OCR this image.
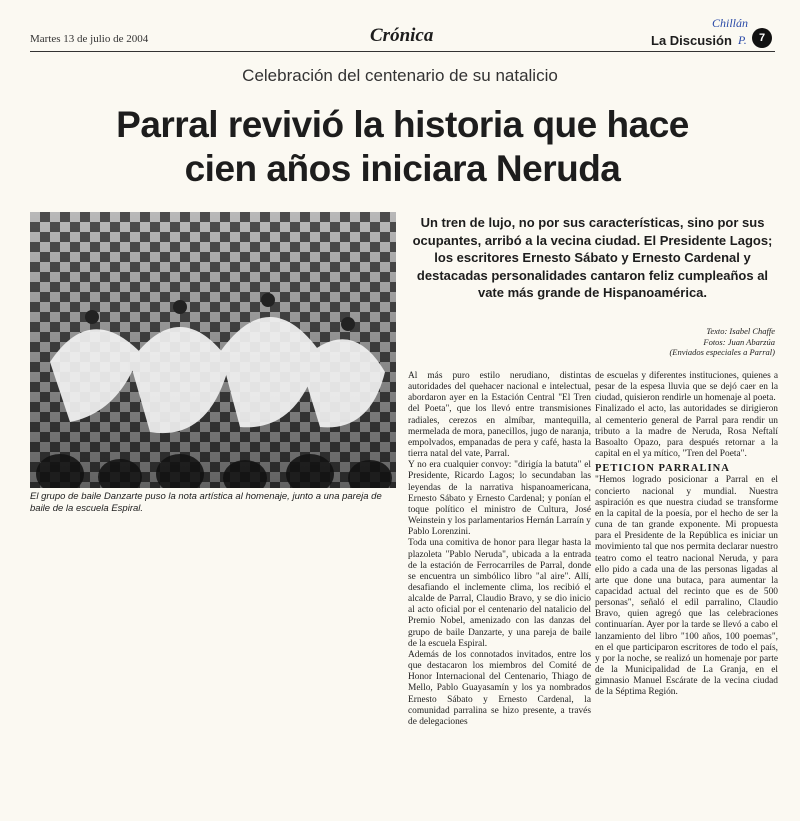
Martes 13 de julio de 2004	Crónica
Chillán
La Discusión P.	7
Celebración del centenario de su natalicio
Parral revivió la historia que hace
cien años iniciara Neruda
El grupo de baile Danzarte puso la nota artística al homenaje, junto a una pareja de baile de la escuela Espiral.
Un tren de lujo, no por sus características, sino por sus ocupantes, arribó a la vecina ciudad. El Presidente Lagos; los escritores Ernesto Sábato y Ernesto Cardenal y destacadas personalidades cantaron feliz cumpleaños al vate más grande de Hispanoamérica.
Texto: Isabel Chaffe
Fotos: Juan Abarzúa
(Enviados especiales a Parral)

Al más puro estilo nerudiano, distintas autoridades del quehacer nacional e intelectual, abordaron ayer en la Estación Central "El Tren del Poeta", que los llevó entre transmisiones radiales, cerezos en almíbar, mantequilla, mermelada de mora, panecillos, jugo de naranja, empolvados, empanadas de pera y café, hasta la tierra natal del vate, Parral.

Y no era cualquier convoy: "dirigía la batuta" el Presidente, Ricardo Lagos; lo secundaban las leyendas de la narrativa hispanoamericana, Ernesto Sábato y Ernesto Cardenal; y ponían el toque político el ministro de Cultura, José Weinstein y los parlamentarios Hernán Larraín y Pablo Lorenzini.

Toda una comitiva de honor para llegar hasta la plazoleta "Pablo Neruda", ubicada a la entrada de la estación de Ferrocarriles de Parral, donde se encuentra un simbólico libro "al aire". Allí, desafiando el inclemente clima, los recibió el alcalde de Parral, Claudio Bravo, y se dio inicio al acto oficial por el centenario del natalicio del Premio Nobel, amenizado con las danzas del grupo de baile Danzarte, y una pareja de baile de la escuela Espiral.

Además de los connotados invitados, entre los que destacaron los miembros del Comité de Honor Internacional del Centenario, Thiago de Mello, Pablo Guayasamín y los ya nombrados Ernesto Sábato y Ernesto Cardenal, la comunidad parralina se hizo presente, a través de delegaciones

de escuelas y diferentes instituciones, quienes a pesar de la espesa lluvia que se dejó caer en la ciudad, quisieron rendirle un homenaje al poeta.

Finalizado el acto, las autoridades se dirigieron al cementerio general de Parral para rendir un tributo a la madre de Neruda, Rosa Neftalí Basoalto Opazo, para después retornar a la capital en el ya mítico, "Tren del Poeta".

PETICION PARRALINA

"Hemos logrado posicionar a Parral en el concierto nacional y mundial. Nuestra aspiración es que nuestra ciudad se transforme en la capital de la poesía, por el hecho de ser la cuna de tan grande exponente. Mi propuesta para el Presidente de la República es iniciar un movimiento tal que nos permita declarar nuestro teatro como el teatro nacional Neruda, y para ello pido a cada una de las personas ligadas al arte que done una butaca, para aumentar la capacidad actual del recinto que es de 500 personas", señaló el edil parralino, Claudio Bravo, quien agregó que las celebraciones continuarían. Ayer por la tarde se llevó a cabo el lanzamiento del libro "100 años, 100 poemas", en el que participaron escritores de todo el país, y por la noche, se realizó un homenaje por parte de la Municipalidad de La Granja, en el gimnasio Manuel Escárate de la vecina ciudad de la Séptima Región.
